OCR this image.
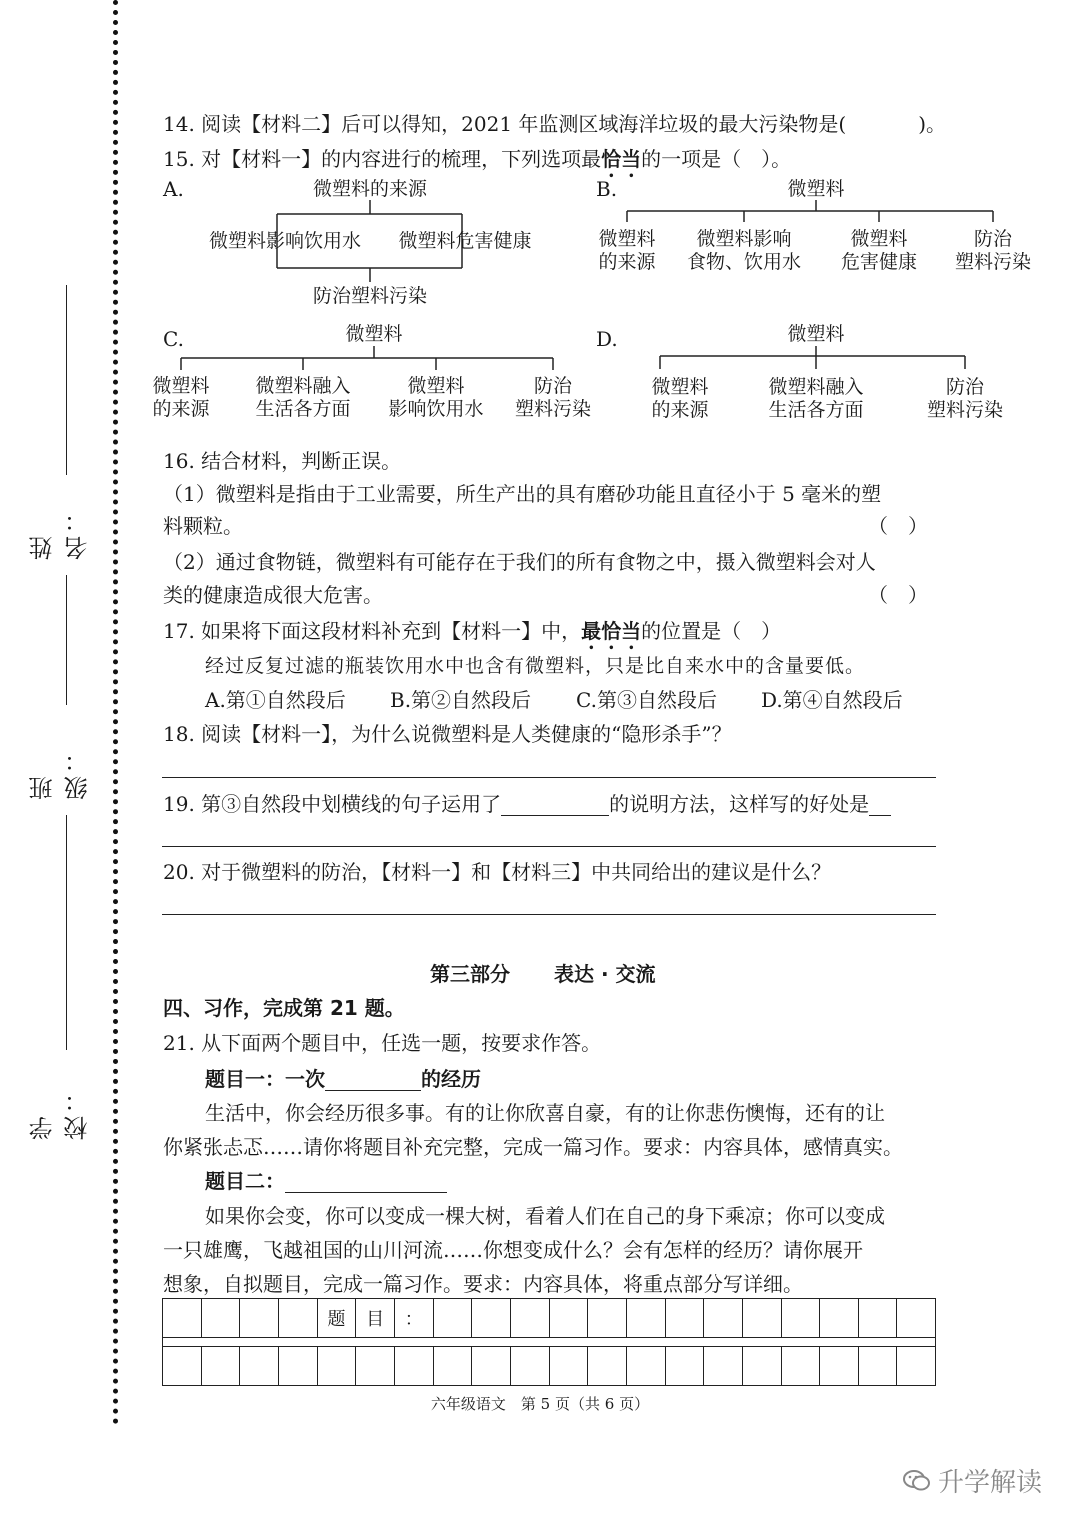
姓名：
班级：
学校：
14. 阅读【材料二】后可以得知，2021 年监测区域海洋垃圾的最大污染物是(	)。
15. 对【材料一】的内容进行的梳理，下列选项最恰当的一项是（　）。
A.	微塑料的来源
微塑料影响饮用水	微塑料危害健康
防治塑料污染
B.	微塑料
微塑料
的来源
微塑料影响
食物、饮用水
微塑料
危害健康
防治
塑料污染
C.	微塑料
微塑料
的来源
微塑料融入
生活各方面
微塑料
影响饮用水
防治
塑料污染
D.	微塑料
微塑料
的来源
微塑料融入
生活各方面
防治
塑料污染
16. 结合材料，判断正误。
（1）微塑料是指由于工业需要，所生产出的具有磨砂功能且直径小于 5 毫米的塑
料颗粒。	（　）
（2）通过食物链，微塑料有可能存在于我们的所有食物之中，摄入微塑料会对人
类的健康造成很大危害。	（　）
17. 如果将下面这段材料补充到【材料一】中，最恰当的位置是（　）
经过反复过滤的瓶装饮用水中也含有微塑料，只是比自来水中的含量要低。
A.第①自然段后 B.第②自然段后 C.第③自然段后 D.第④自然段后
18. 阅读【材料一】，为什么说微塑料是人类健康的“隐形杀手”？
19. 第③自然段中划横线的句子运用了	的说明方法，这样写的好处是
20. 对于微塑料的防治，【材料一】和【材料三】中共同给出的建议是什么？
第三部分 表达 · 交流
四、习作，完成第 21 题。
21. 从下面两个题目中，任选一题，按要求作答。
题目一：一次	的经历
生活中，你会经历很多事。有的让你欣喜自豪，有的让你悲伤懊悔，还有的让
你紧张忐忑……请你将题目补充完整，完成一篇习作。要求：内容具体，感情真实。
题目二：
如果你会变，你可以变成一棵大树，看着人们在自己的身下乘凉；你可以变成
一只雄鹰，飞越祖国的山川河流……你想变成什么？会有怎样的经历？请你展开
想象，自拟题目，完成一篇习作。要求：内容具体，将重点部分写详细。
题	目	：
六年级语文　第 5 页（共 6 页）
升学解读
